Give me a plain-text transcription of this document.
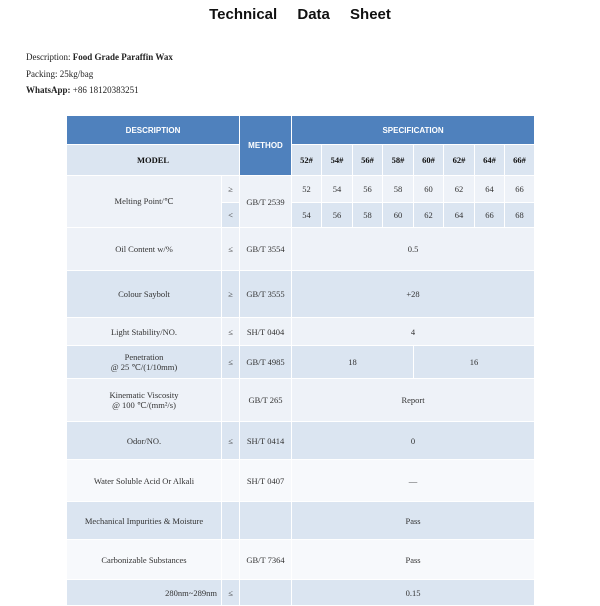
Technical Data Sheet
Description: Food Grade Paraffin Wax
Packing: 25kg/bag
WhatsApp: +86 18120383251
DESCRIPTION		METHOD	SPECIFICATION							
MODEL			52#	54#	56#	58#	60#	62#	64#	66#
Melting Point/℃	≥	GB/T 2539	52	54	56	58	60	62	64	66
	<		54	56	58	60	62	64	66	68
Oil Content w/%	≤	GB/T 3554	0.5							
Colour Saybolt	≥	GB/T 3555	+28							
Light Stability/NO.	≤	SH/T 0404	4							
Penetration
@ 25 ℃/(1/10mm)	≤	GB/T 4985	18				16			
Kinematic Viscosity
@ 100 ℃/(mm²/s)		GB/T 265	Report							
Odor/NO.	≤	SH/T 0414	0							
Water Soluble Acid Or Alkali		SH/T 0407	—							
Mechanical Impurities & Moisture			Pass							
Carbonizable Substances		GB/T 7364	Pass							
280nm~289nm	≤		0.15							
